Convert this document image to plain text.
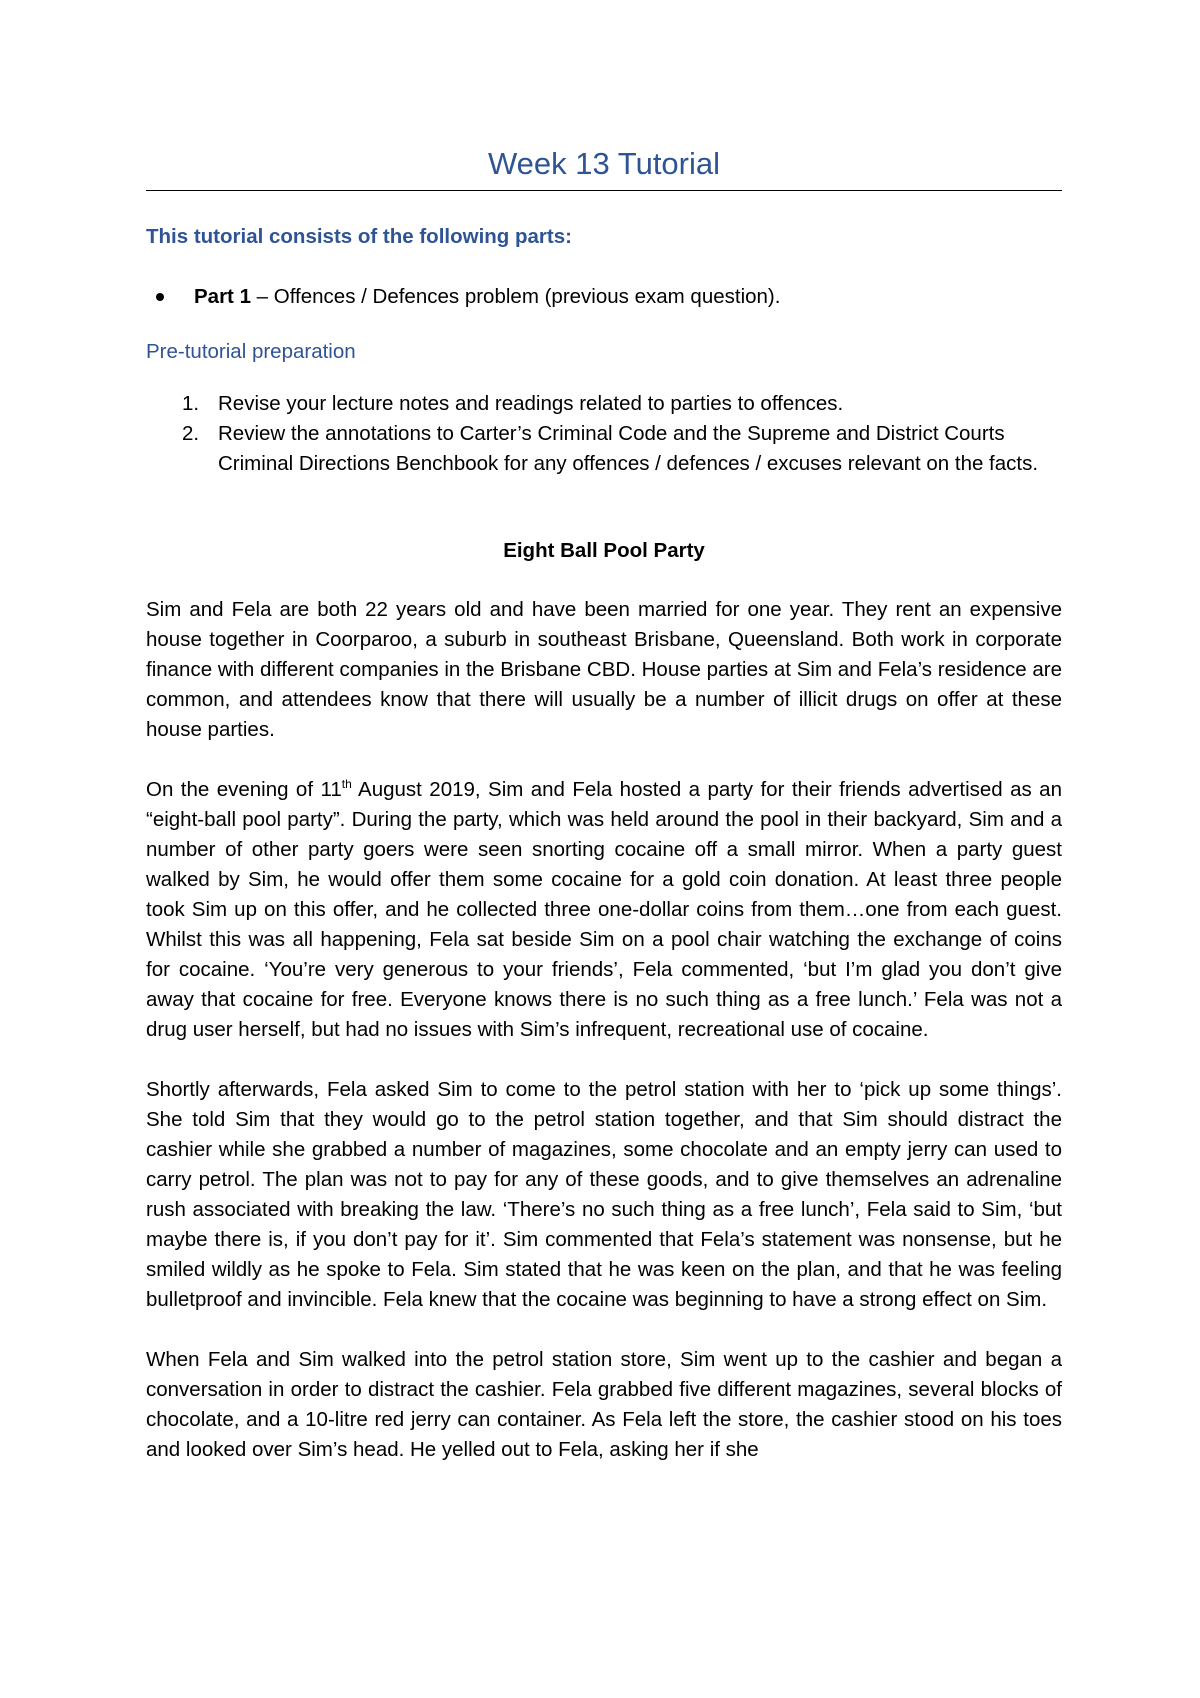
Week 13 Tutorial
This tutorial consists of the following parts:
Part 1 – Offences / Defences problem (previous exam question).
Pre-tutorial preparation
1. Revise your lecture notes and readings related to parties to offences.
2. Review the annotations to Carter’s Criminal Code and the Supreme and District Courts Criminal Directions Benchbook for any offences / defences / excuses relevant on the facts.
Eight Ball Pool Party

Sim and Fela are both 22 years old and have been married for one year. They rent an expensive house together in Coorparoo, a suburb in southeast Brisbane, Queensland. Both work in corporate finance with different companies in the Brisbane CBD. House parties at Sim and Fela’s residence are common, and attendees know that there will usually be a number of illicit drugs on offer at these house parties.

On the evening of 11th August 2019, Sim and Fela hosted a party for their friends advertised as an “eight-ball pool party”. During the party, which was held around the pool in their backyard, Sim and a number of other party goers were seen snorting cocaine off a small mirror. When a party guest walked by Sim, he would offer them some cocaine for a gold coin donation. At least three people took Sim up on this offer, and he collected three one-dollar coins from them…one from each guest. Whilst this was all happening, Fela sat beside Sim on a pool chair watching the exchange of coins for cocaine. ‘You’re very generous to your friends’, Fela commented, ‘but I’m glad you don’t give away that cocaine for free. Everyone knows there is no such thing as a free lunch.’ Fela was not a drug user herself, but had no issues with Sim’s infrequent, recreational use of cocaine.

Shortly afterwards, Fela asked Sim to come to the petrol station with her to ‘pick up some things’. She told Sim that they would go to the petrol station together, and that Sim should distract the cashier while she grabbed a number of magazines, some chocolate and an empty jerry can used to carry petrol. The plan was not to pay for any of these goods, and to give themselves an adrenaline rush associated with breaking the law. ‘There’s no such thing as a free lunch’, Fela said to Sim, ‘but maybe there is, if you don’t pay for it’. Sim commented that Fela’s statement was nonsense, but he smiled wildly as he spoke to Fela. Sim stated that he was keen on the plan, and that he was feeling bulletproof and invincible. Fela knew that the cocaine was beginning to have a strong effect on Sim.

When Fela and Sim walked into the petrol station store, Sim went up to the cashier and began a conversation in order to distract the cashier. Fela grabbed five different magazines, several blocks of chocolate, and a 10-litre red jerry can container. As Fela left the store, the cashier stood on his toes and looked over Sim’s head. He yelled out to Fela, asking her if she
